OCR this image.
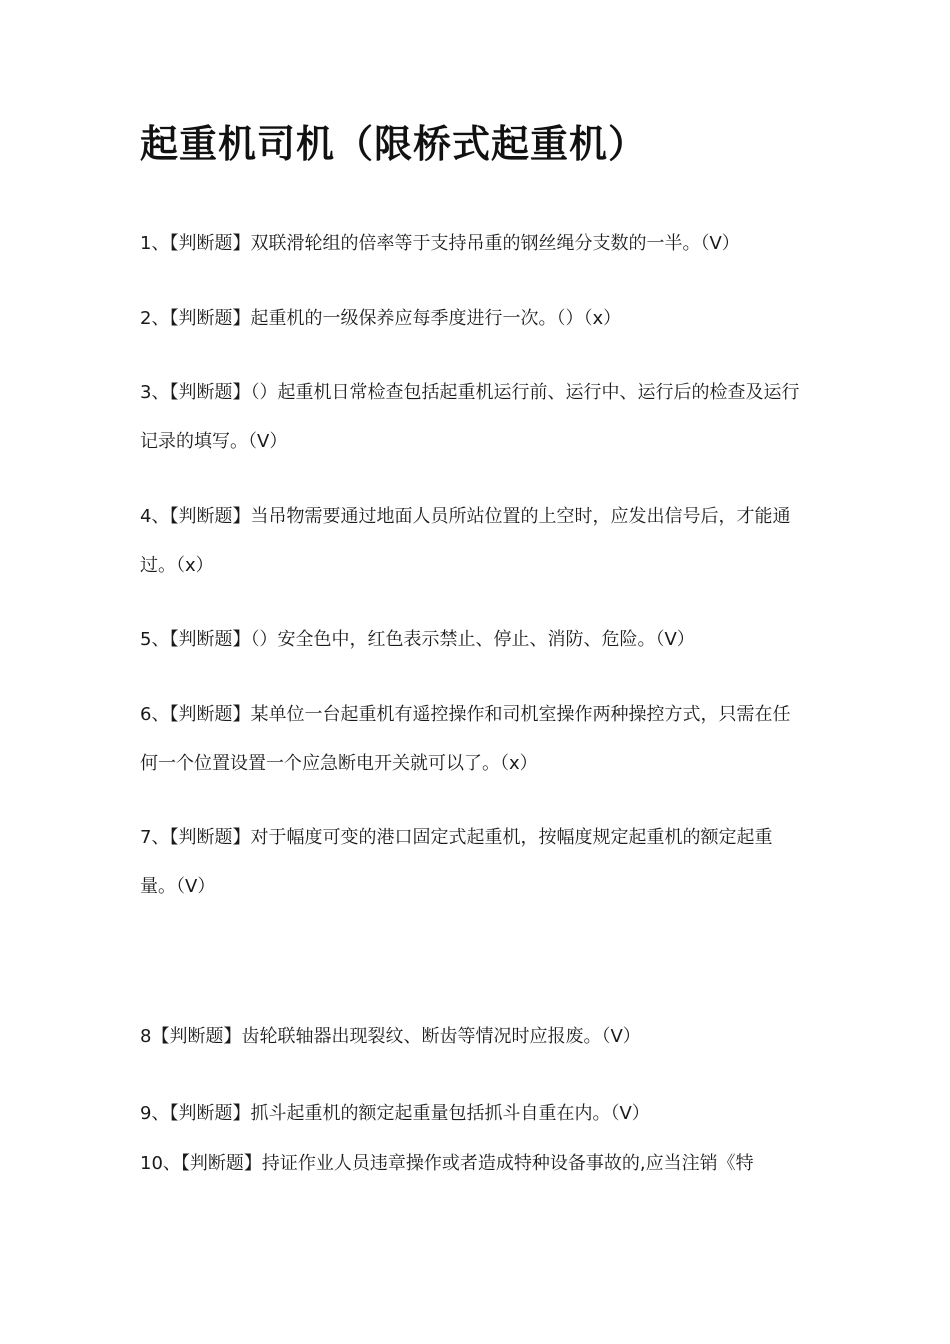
起重机司机（限桥式起重机）

1、【判断题】双联滑轮组的倍率等于支持吊重的钢丝绳分支数的一半。（V）

2、【判断题】起重机的一级保养应每季度进行一次。（）（x）

3、【判断题】（）起重机日常检查包括起重机运行前、运行中、运行后的检查及运行记录的填写。（V）

4、【判断题】当吊物需要通过地面人员所站位置的上空时，应发出信号后，才能通过。（x）

5、【判断题】（）安全色中，红色表示禁止、停止、消防、危险。（V）

6、【判断题】某单位一台起重机有遥控操作和司机室操作两种操控方式，只需在任何一个位置设置一个应急断电开关就可以了。（x）

7、【判断题】对于幅度可变的港口固定式起重机，按幅度规定起重机的额定起重量。（V）

8【判断题】齿轮联轴器出现裂纹、断齿等情况时应报废。（V）

9、【判断题】抓斗起重机的额定起重量包括抓斗自重在内。（V）

10、【判断题】持证作业人员违章操作或者造成特种设备事故的,应当注销《特
